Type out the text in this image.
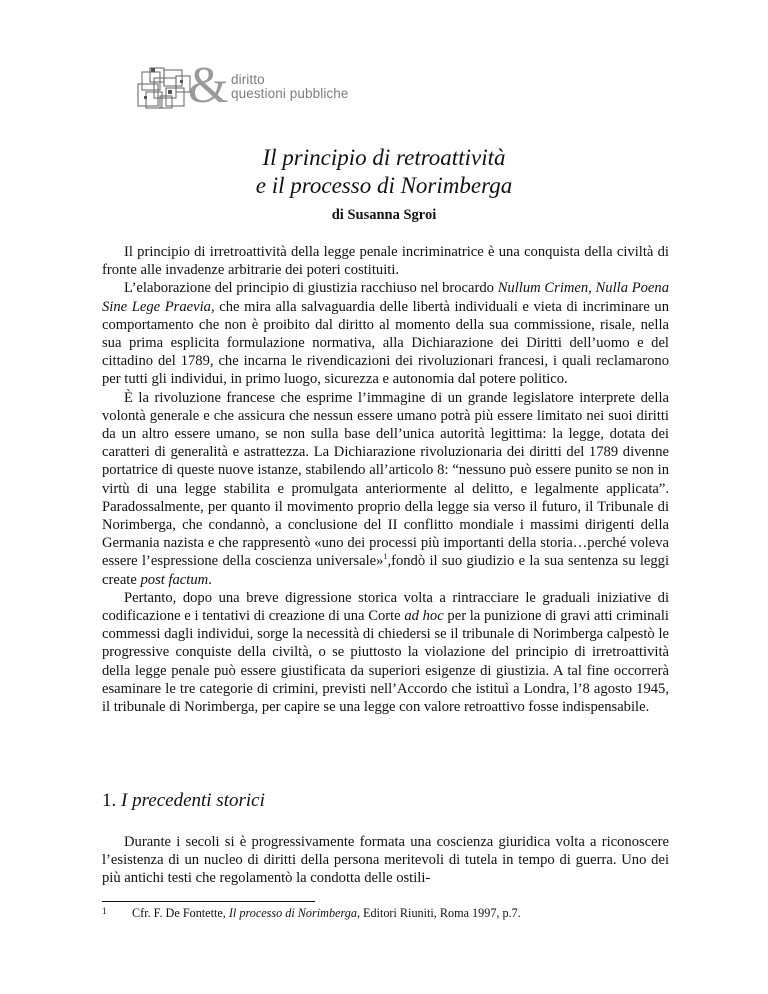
& diritto
questioni pubbliche
Il principio di retroattività
e il processo di Norimberga
di Susanna Sgroi

Il principio di irretroattività della legge penale incriminatrice è una conquista della civiltà di fronte alle invadenze arbitrarie dei poteri costituiti.

L’elaborazione del principio di giustizia racchiuso nel brocardo Nullum Crimen, Nulla Poena Sine Lege Praevia, che mira alla salvaguardia delle libertà individuali e vieta di incriminare un comportamento che non è proibito dal diritto al momento della sua commissione, risale, nella sua prima esplicita formulazione normativa, alla Dichiarazione dei Diritti dell’uomo e del cittadino del 1789, che incarna le rivendicazioni dei rivoluzionari francesi, i quali reclamarono per tutti gli individui, in primo luogo, sicurezza e autonomia dal potere politico.

È la rivoluzione francese che esprime l’immagine di un grande legislatore interprete della volontà generale e che assicura che nessun essere umano potrà più essere limitato nei suoi diritti da un altro essere umano, se non sulla base dell’unica autorità legittima: la legge, dotata dei caratteri di generalità e astrattezza. La Dichiarazione rivoluzionaria dei diritti del 1789 divenne portatrice di queste nuove istanze, stabilendo all’articolo 8: “nessuno può essere punito se non in virtù di una legge stabilita e promulgata anteriormente al delitto, e legalmente applicata”. Paradossalmente, per quanto il movimento proprio della legge sia verso il futuro, il Tribunale di Norimberga, che condannò, a conclusione del II conflitto mondiale i massimi dirigenti della Germania nazista e che rappresentò «uno dei processi più importanti della storia…perché voleva essere l’espressione della coscienza universale»$^1$,fondò il suo giudizio e la sua sentenza su leggi create post factum.

Pertanto, dopo una breve digressione storica volta a rintracciare le graduali iniziative di codificazione e i tentativi di creazione di una Corte ad hoc per la punizione di gravi atti criminali commessi dagli individui, sorge la necessità di chiedersi se il tribunale di Norimberga calpestò le progressive conquiste della civiltà, o se piuttosto la violazione del principio di irretroattività della legge penale può essere giustificata da superiori esigenze di giustizia. A tal fine occorrerà esaminare le tre categorie di crimini, previsti nell’Accordo che istituì a Londra, l’8 agosto 1945, il tribunale di Norimberga, per capire se una legge con valore retroattivo fosse indispensabile.

1. I precedenti storici

Durante i secoli si è progressivamente formata una coscienza giuridica volta a riconoscere l’esistenza di un nucleo di diritti della persona meritevoli di tutela in tempo di guerra. Uno dei più antichi testi che regolamentò la condotta delle ostili-

1 Cfr. F. De Fontette, Il processo di Norimberga, Editori Riuniti, Roma 1997, p.7.
